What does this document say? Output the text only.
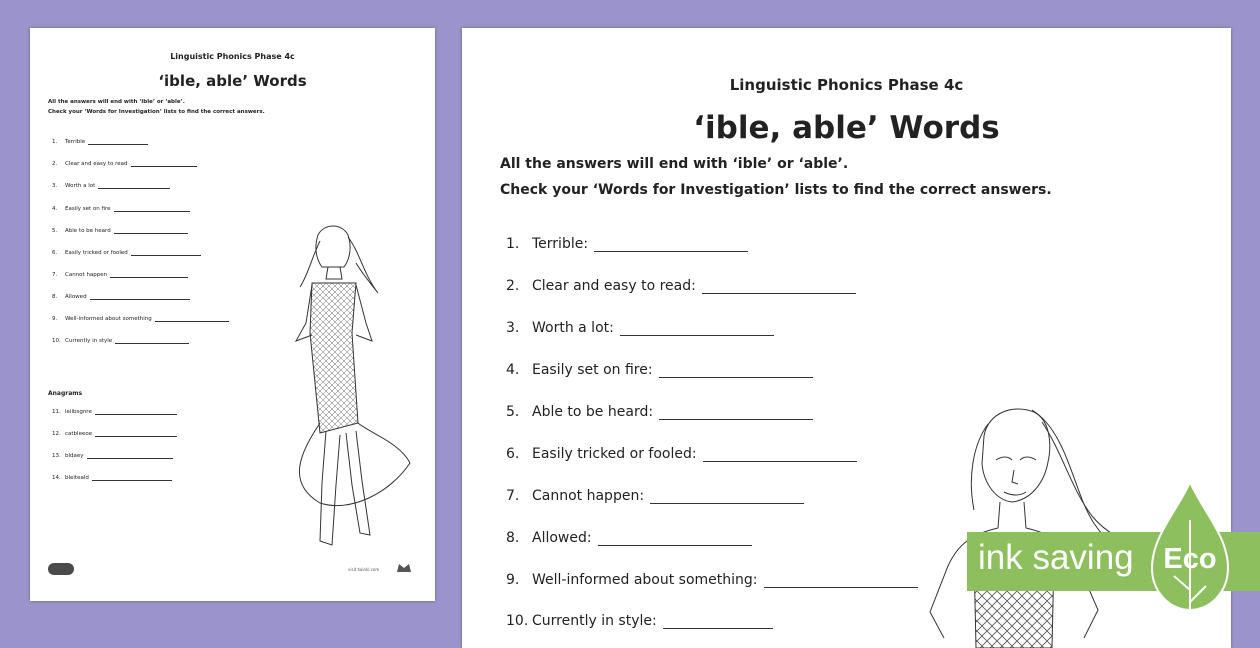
Linguistic Phonics Phase 4c
‘ible, able’ Words
All the answers will end with ‘ible’ or ‘able’.
Check your ‘Words for Investigation’ lists to find the correct answers.
1. Terrible
2. Clear and easy to read
3. Worth a lot
4. Easily set on fire
5. Able to be heard
6. Easily tricked or fooled
7. Cannot happen
8. Allowed
9. Well-informed about something
10. Currently in style
Anagrams
11. leiibsgnre
12. catbleeoe
13. bldaey
14. bleiteald
visit twinkl.com
Linguistic Phonics Phase 4c
‘ible, able’ Words
All the answers will end with ‘ible’ or ‘able’.
Check your ‘Words for Investigation’ lists to find the correct answers.
1. Terrible:
2. Clear and easy to read:
3. Worth a lot:
4. Easily set on fire:
5. Able to be heard:
6. Easily tricked or fooled:
7. Cannot happen:
8. Allowed:
9. Well-informed about something:
10. Currently in style:
ink saving Eco
